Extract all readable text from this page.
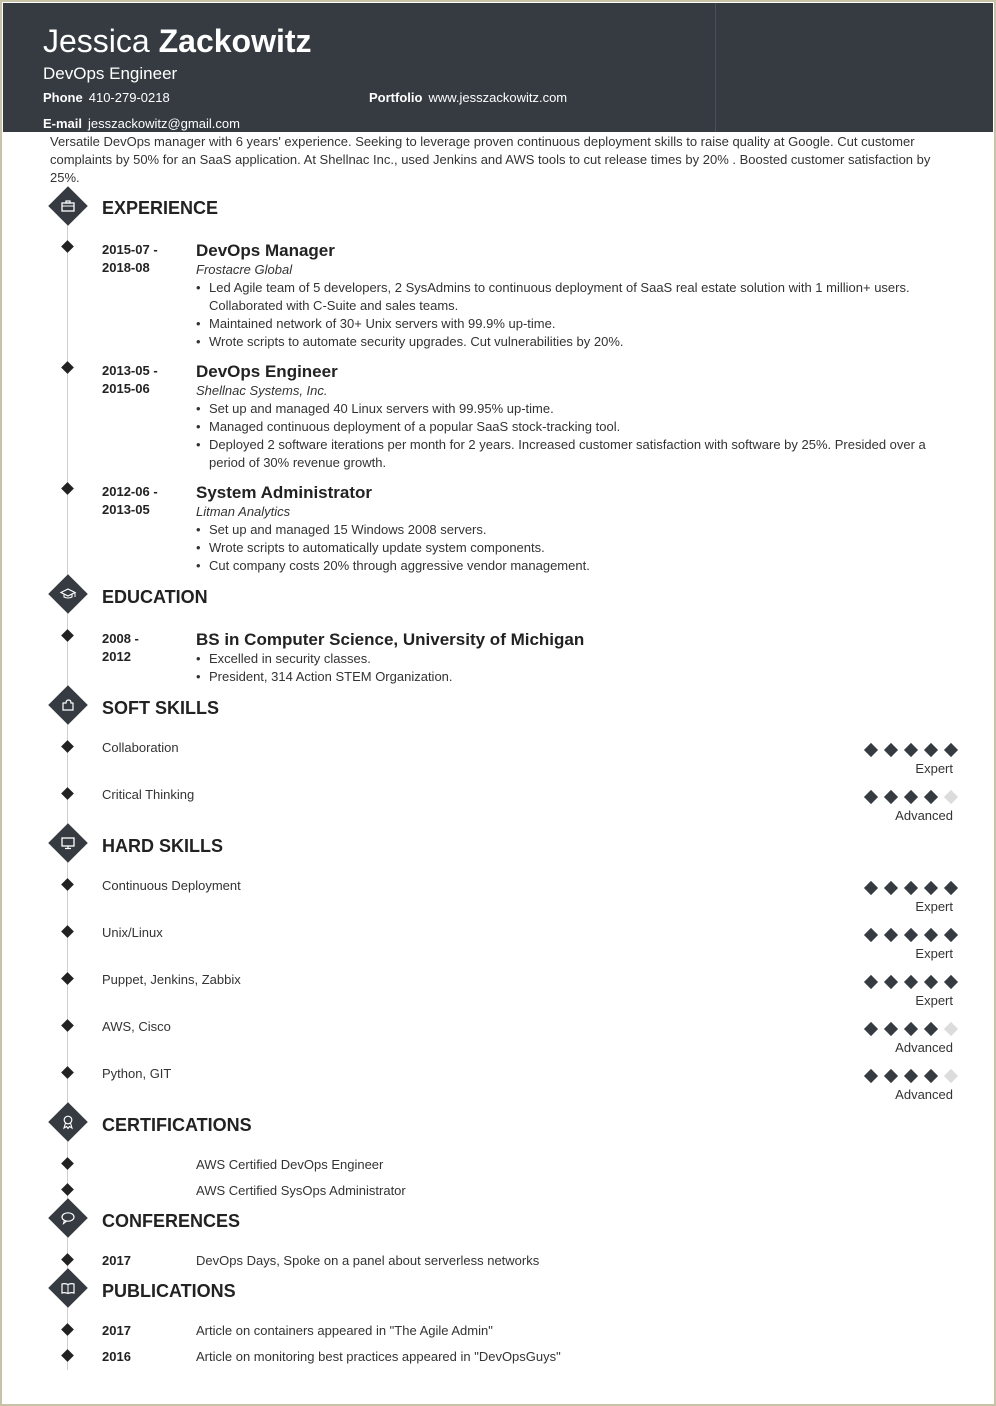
Jessica Zackowitz
DevOps Engineer
Phone 410-279-0218	Portfolio www.jesszackowitz.com
E-mail jesszackowitz@gmail.com
Versatile DevOps manager with 6 years' experience. Seeking to leverage proven continuous deployment skills to raise quality at Google. Cut customer complaints by 50% for an SaaS application. At Shellnac Inc., used Jenkins and AWS tools to cut release times by 20% . Boosted customer satisfaction by 25%.
EXPERIENCE
2015-07 -
2018-08
DevOps Manager
Frostacre Global
• Led Agile team of 5 developers, 2 SysAdmins to continuous deployment of SaaS real estate solution with 1 million+ users. Collaborated with C-Suite and sales teams.
• Maintained network of 30+ Unix servers with 99.9% up-time.
• Wrote scripts to automate security upgrades. Cut vulnerabilities by 20%.
2013-05 -
2015-06
DevOps Engineer
Shellnac Systems, Inc.
• Set up and managed 40 Linux servers with 99.95% up-time.
• Managed continuous deployment of a popular SaaS stock-tracking tool.
• Deployed 2 software iterations per month for 2 years. Increased customer satisfaction with software by 25%. Presided over a period of 30% revenue growth.
2012-06 -
2013-05
System Administrator
Litman Analytics
• Set up and managed 15 Windows 2008 servers.
• Wrote scripts to automatically update system components.
• Cut company costs 20% through aggressive vendor management.
EDUCATION
2008 -
2012
BS in Computer Science, University of Michigan
• Excelled in security classes.
• President, 314 Action STEM Organization.
SOFT SKILLS
Collaboration
Expert
Critical Thinking
Advanced
HARD SKILLS
Continuous Deployment
Expert
Unix/Linux
Expert
Puppet, Jenkins, Zabbix
Expert
AWS, Cisco
Advanced
Python, GIT
Advanced
CERTIFICATIONS
AWS Certified DevOps Engineer
AWS Certified SysOps Administrator
CONFERENCES
2017	DevOps Days, Spoke on a panel about serverless networks
PUBLICATIONS
2017	Article on containers appeared in "The Agile Admin"
2016	Article on monitoring best practices appeared in "DevOpsGuys"
